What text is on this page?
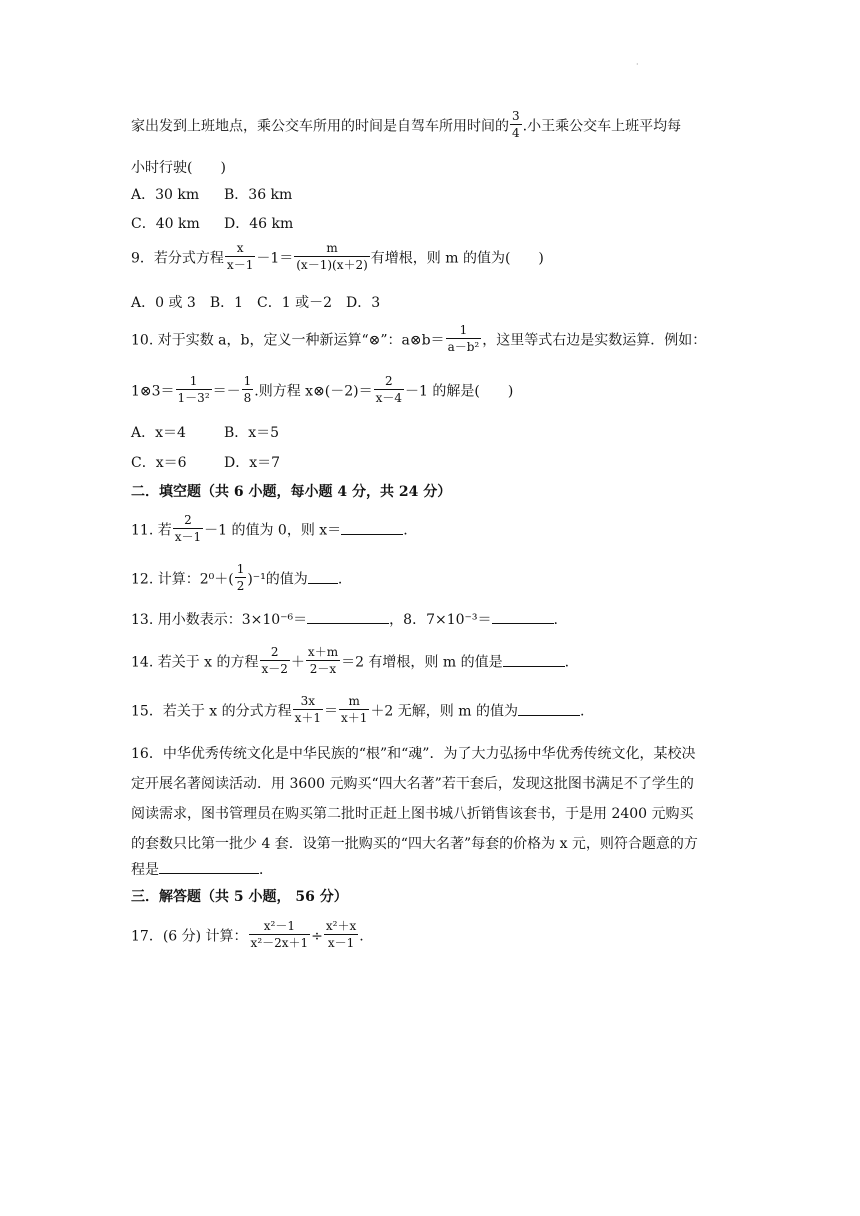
·
家出发到上班地点，乘公交车所用的时间是自驾车所用时间的 $\frac{3}{4}$ .小王乘公交车上班平均每
小时行驶(　　)
A．30 km B．36 km
C．40 km D．46 km
9．若分式方程 $\frac{x}{x-1} -1= \frac{m}{(x-1)(x+2)}$ 有增根，则 m 的值为(　　)
A．0 或 3　B．1　C．1 或－2　D．3
10. 对于实数 a，b，定义一种新运算“⊗”：a⊗b＝ $\frac{1}{\text{a－b²}}$ ，这里等式右边是实数运算．例如：
1⊗3＝ $\frac{1}{\text{1－3²}} =- \frac{1}{8}$ .则方程 x⊗(－2)＝ $\frac{2}{x-4} -1$ 的解是(　　)
A．x＝4	B．x＝5
C．x＝6	D．x＝7
二．填空题（共 6 小题，每小题 4 分，共 24 分）
11. 若 $\frac{2}{x-1} -1$ 的值为 0，则 x＝	.
12. 计算：$2^0+( \frac{1}{2} )^{-1}$的值为 .
13. 用小数表示：3×10⁻⁶＝	，8．7×10⁻³＝	.
14. 若关于 x 的方程 $\frac{2}{x-2} + \frac{x+m}{2-x} =2$ 有增根，则 m 的值是	.
15．若关于 x 的分式方程 $\frac{3x}{x+1} = \frac{m}{x+1} +2$ 无解，则 m 的值为	.
16．中华优秀传统文化是中华民族的“根”和“魂”．为了大力弘扬中华优秀传统文化，某校决
定开展名著阅读活动．用 3600 元购买“四大名著”若干套后，发现这批图书满足不了学生的
阅读需求，图书管理员在购买第二批时正赶上图书城八折销售该套书，于是用 2400 元购买
的套数只比第一批少 4 套．设第一批购买的“四大名著”每套的价格为 x 元，则符合题意的方
程是	．
三．解答题（共 5 小题， 56 分）
17．(6 分) 计算： $\frac{\text{x²－1}}{\text{x²－2x＋1}} \div \frac{\text{x²＋x}}{x-1}$ .
